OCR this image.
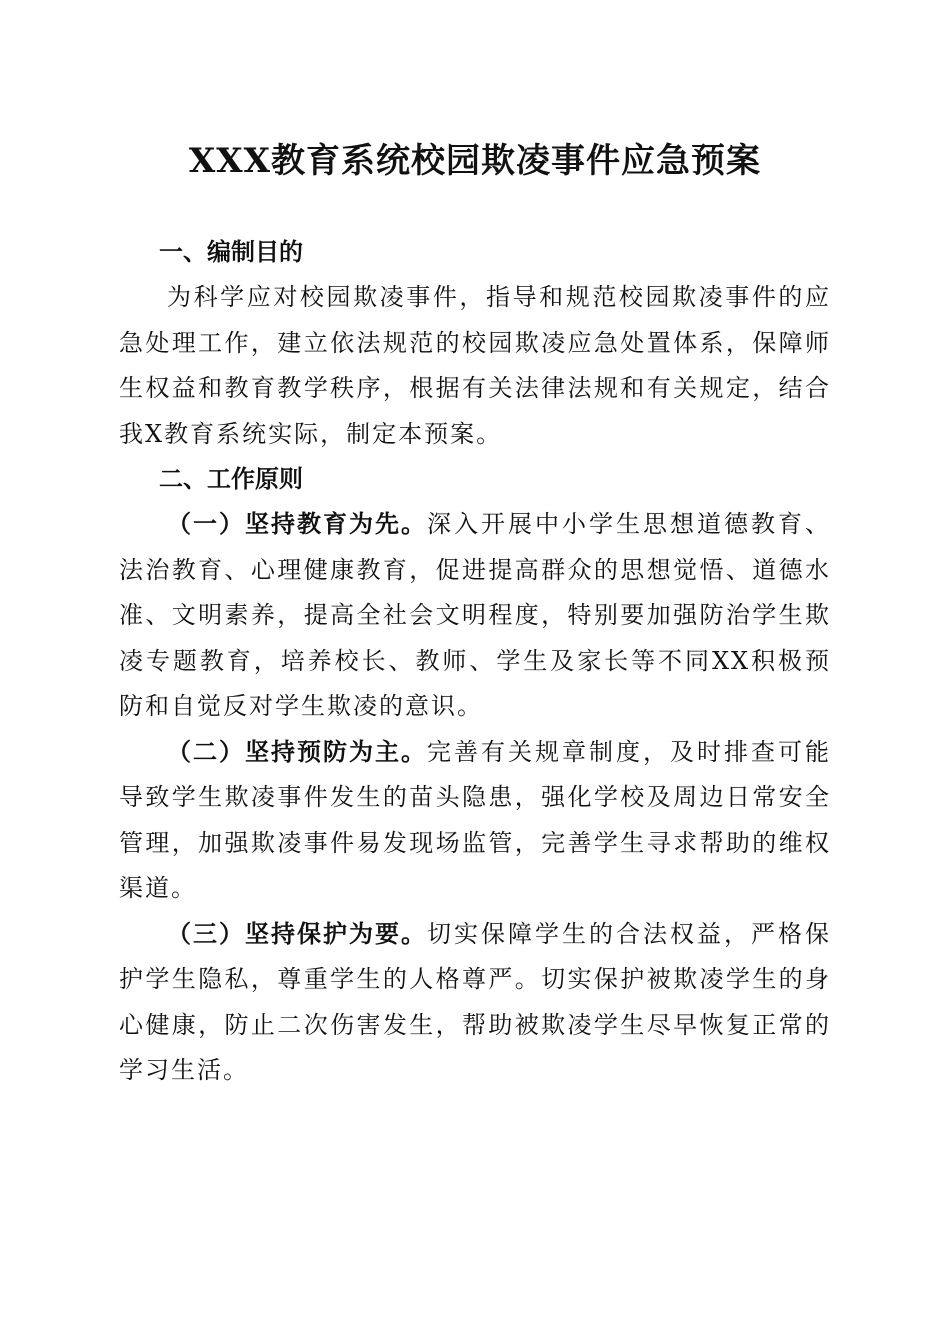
XXX教育系统校园欺凌事件应急预案
一、编制目的

为科学应对校园欺凌事件，指导和规范校园欺凌事件的应急处理工作，建立依法规范的校园欺凌应急处置体系，保障师生权益和教育教学秩序，根据有关法律法规和有关规定，结合我X教育系统实际，制定本预案。

二、工作原则

（一）坚持教育为先。深入开展中小学生思想道德教育、法治教育、心理健康教育，促进提高群众的思想觉悟、道德水准、文明素养，提高全社会文明程度，特别要加强防治学生欺凌专题教育，培养校长、教师、学生及家长等不同XX积极预防和自觉反对学生欺凌的意识。

（二）坚持预防为主。完善有关规章制度，及时排查可能导致学生欺凌事件发生的苗头隐患，强化学校及周边日常安全管理，加强欺凌事件易发现场监管，完善学生寻求帮助的维权渠道。

（三）坚持保护为要。切实保障学生的合法权益，严格保护学生隐私，尊重学生的人格尊严。切实保护被欺凌学生的身心健康，防止二次伤害发生，帮助被欺凌学生尽早恢复正常的学习生活。
